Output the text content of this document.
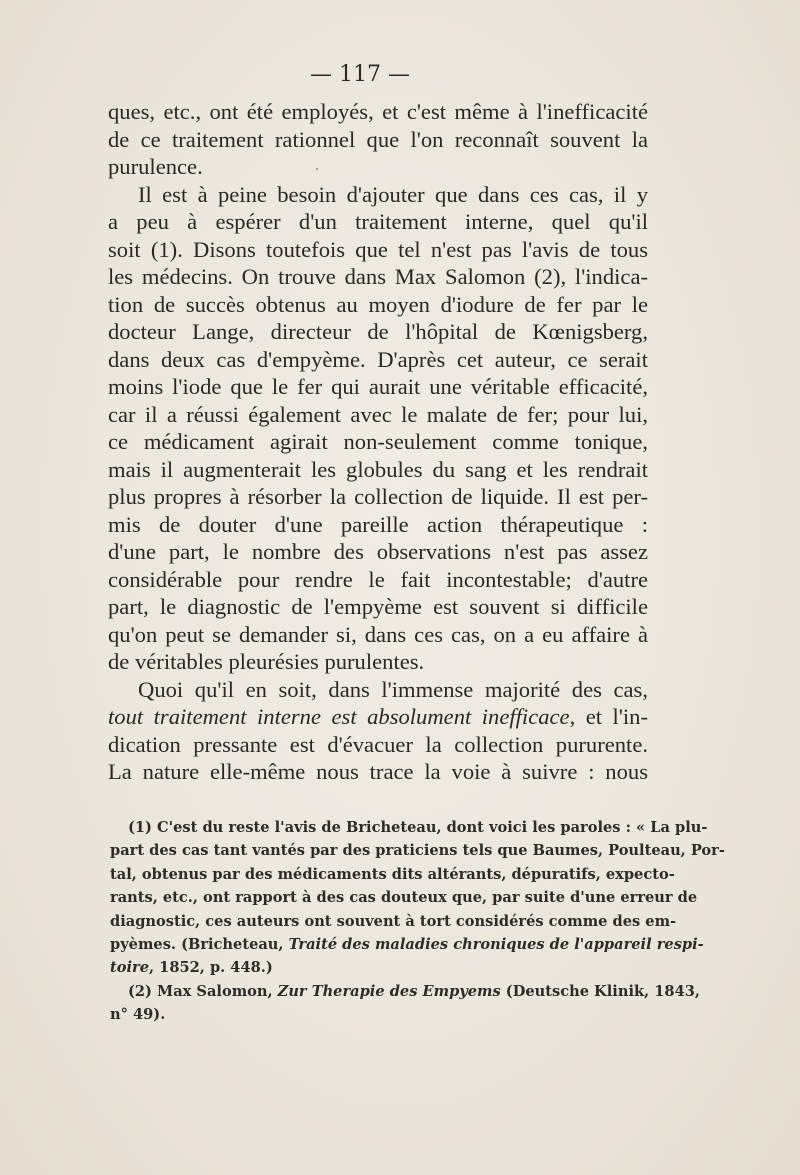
— 117 —
ques, etc., ont été employés, et c'est même à l'inefficacité
de ce traitement rationnel que l'on reconnaît souvent la
purulence.
Il est à peine besoin d'ajouter que dans ces cas, il y
a peu à espérer d'un traitement interne, quel qu'il
soit (1). Disons toutefois que tel n'est pas l'avis de tous
les médecins. On trouve dans Max Salomon (2), l'indica-
tion de succès obtenus au moyen d'iodure de fer par le
docteur Lange, directeur de l'hôpital de Kœnigsberg,
dans deux cas d'empyème. D'après cet auteur, ce serait
moins l'iode que le fer qui aurait une véritable efficacité,
car il a réussi également avec le malate de fer; pour lui,
ce médicament agirait non-seulement comme tonique,
mais il augmenterait les globules du sang et les rendrait
plus propres à résorber la collection de liquide. Il est per-
mis de douter d'une pareille action thérapeutique :
d'une part, le nombre des observations n'est pas assez
considérable pour rendre le fait incontestable; d'autre
part, le diagnostic de l'empyème est souvent si difficile
qu'on peut se demander si, dans ces cas, on a eu affaire à
de véritables pleurésies purulentes.
Quoi qu'il en soit, dans l'immense majorité des cas,
tout traitement interne est absolument inefficace, et l'in-
dication pressante est d'évacuer la collection pururente.
La nature elle-même nous trace la voie à suivre : nous
(1) C'est du reste l'avis de Bricheteau, dont voici les paroles : « La plu-
part des cas tant vantés par des praticiens tels que Baumes, Poulteau, Por-
tal, obtenus par des médicaments dits altérants, dépuratifs, expecto-
rants, etc., ont rapport à des cas douteux que, par suite d'une erreur de
diagnostic, ces auteurs ont souvent à tort considérés comme des em-
pyèmes. (Bricheteau, Traité des maladies chroniques de l'appareil respi-
toire, 1852, p. 448.)
(2) Max Salomon, Zur Therapie des Empyems (Deutsche Klinik, 1843,
n° 49).
